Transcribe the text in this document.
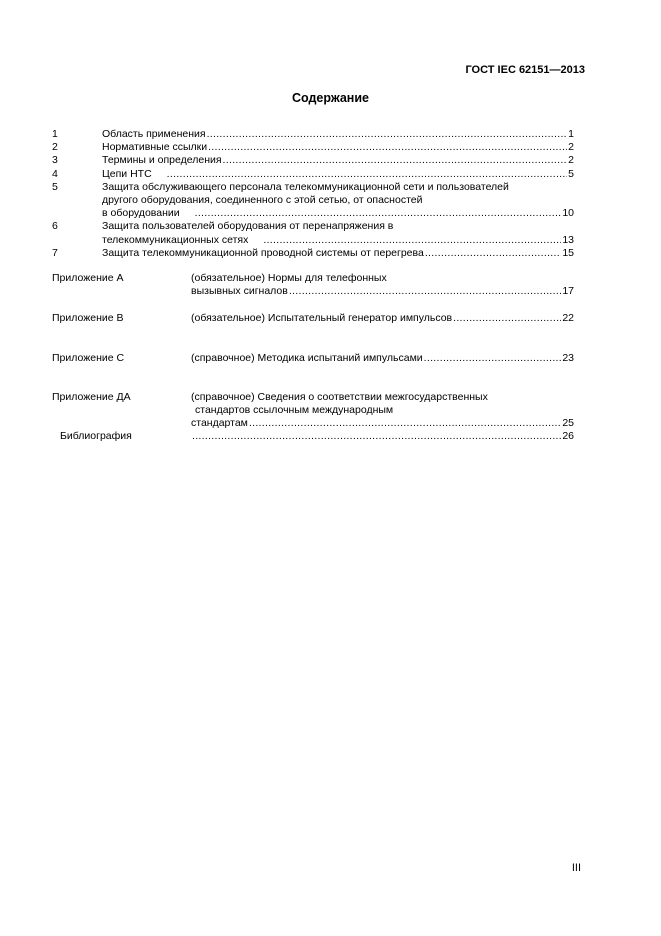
ГОСТ IEC 62151—2013
Содержание
1	Область применения .....	1
2	Нормативные ссылки .....	2
3	Термины и определения .....	2
4	Цепи НТС .....	5
5	Защита обслуживающего персонала телекоммуникационной сети и пользователей
другого оборудования, соединенного с этой сетью, от опасностей
в оборудовании .....	10
6	Защита пользователей оборудования от перенапряжения в
телекоммуникационных сетях .....	13
7	Защита телекоммуникационной проводной системы от перегрева .....	15
Приложение А	(обязательное) Нормы для телефонных
вызывных сигналов .....	17
Приложение В	(обязательное) Испытательный генератор импульсов .....	22
Приложение С	(справочное) Методика испытаний импульсами .....	23
Приложение ДА	(справочное) Сведения о соответствии межгосударственных
стандартов ссылочным международным
стандартам .....	25
Библиография .....	26
III
